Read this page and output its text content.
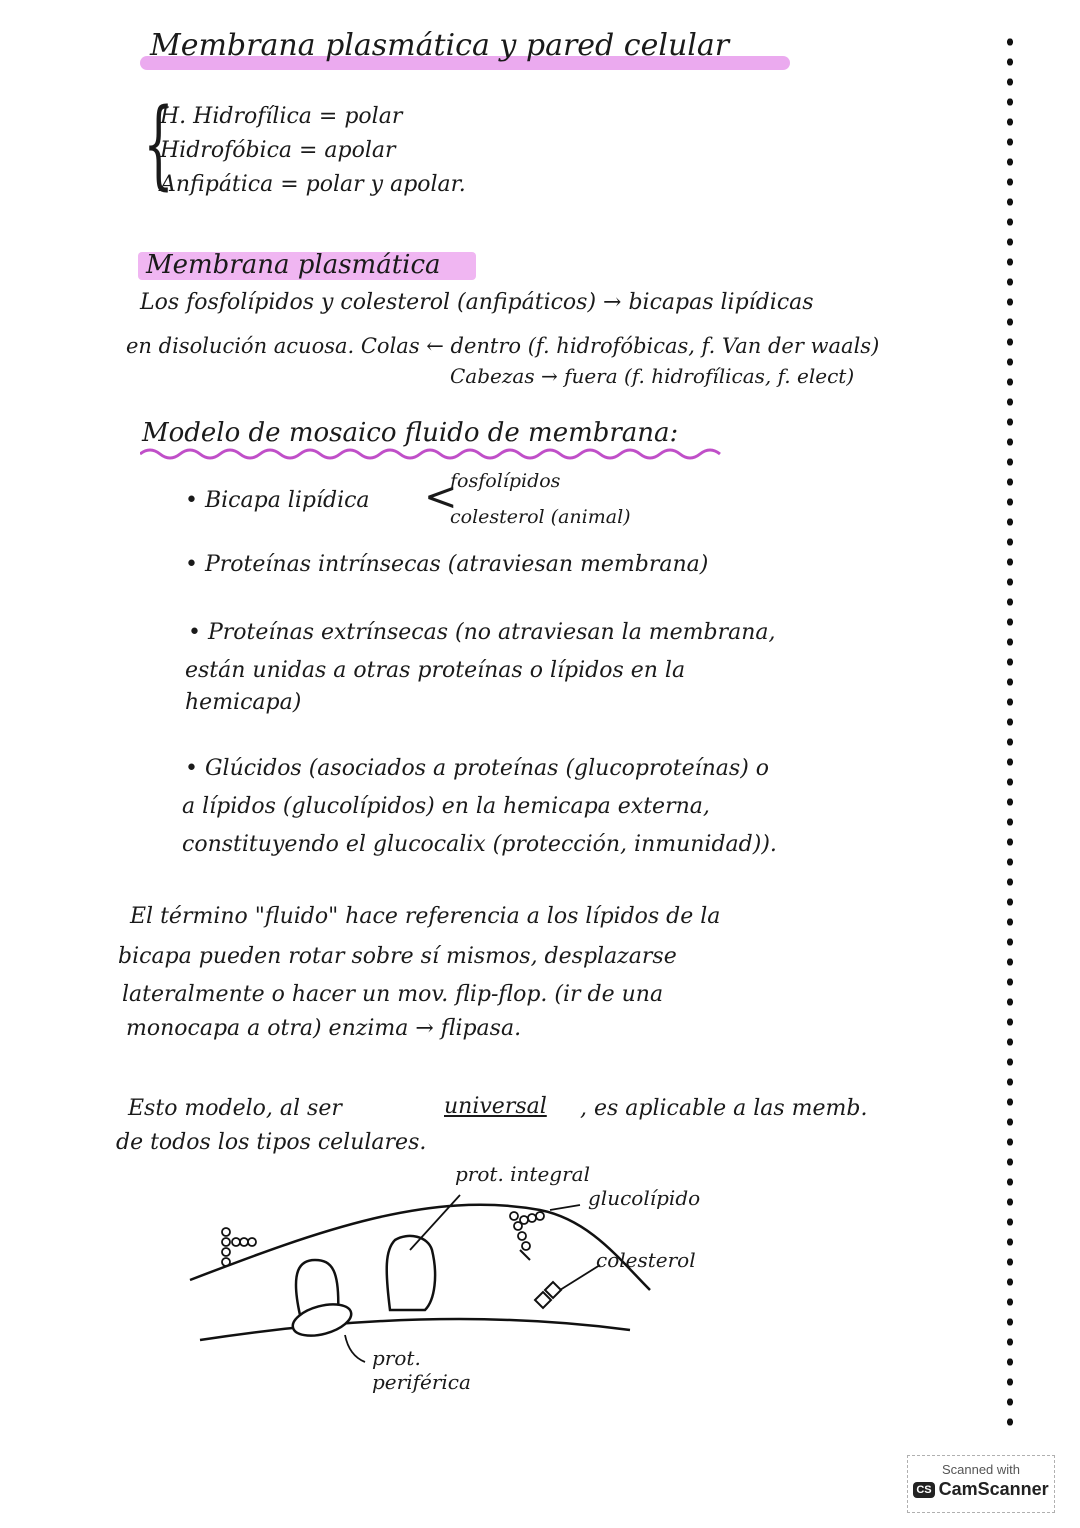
Membrana plasmática y pared celular
{
H. Hidrofílica = polar
Hidrofóbica = apolar
Anfipática = polar y apolar.
Membrana plasmática
Los fosfolípidos y colesterol (anfipáticos) → bicapas lipídicas
en disolución acuosa. Colas ← dentro (f. hidrofóbicas, f. Van der waals)
Cabezas → fuera (f. hidrofílicas, f. elect)
Modelo de mosaico fluido de membrana:
• Bicapa lipídica <
fosfolípidos
colesterol (animal)
• Proteínas intrínsecas (atraviesan membrana)
• Proteínas extrínsecas (no atraviesan la membrana,
están unidas a otras proteínas o lípidos en la
hemicapa)
• Glúcidos (asociados a proteínas (glucoproteínas) o
a lípidos (glucolípidos) en la hemicapa externa,
constituyendo el glucocalix (protección, inmunidad)).
El término "fluido" hace referencia a los lípidos de la
bicapa pueden rotar sobre sí mismos, desplazarse
lateralmente o hacer un mov. flip-flop. (ir de una
monocapa a otra) enzima → flipasa.
Esto modelo, al ser	universal , es aplicable a las memb.
de todos los tipos celulares.
prot. integral
glucolípido
colesterol
prot.
periférica
Scanned with
CS CamScanner
